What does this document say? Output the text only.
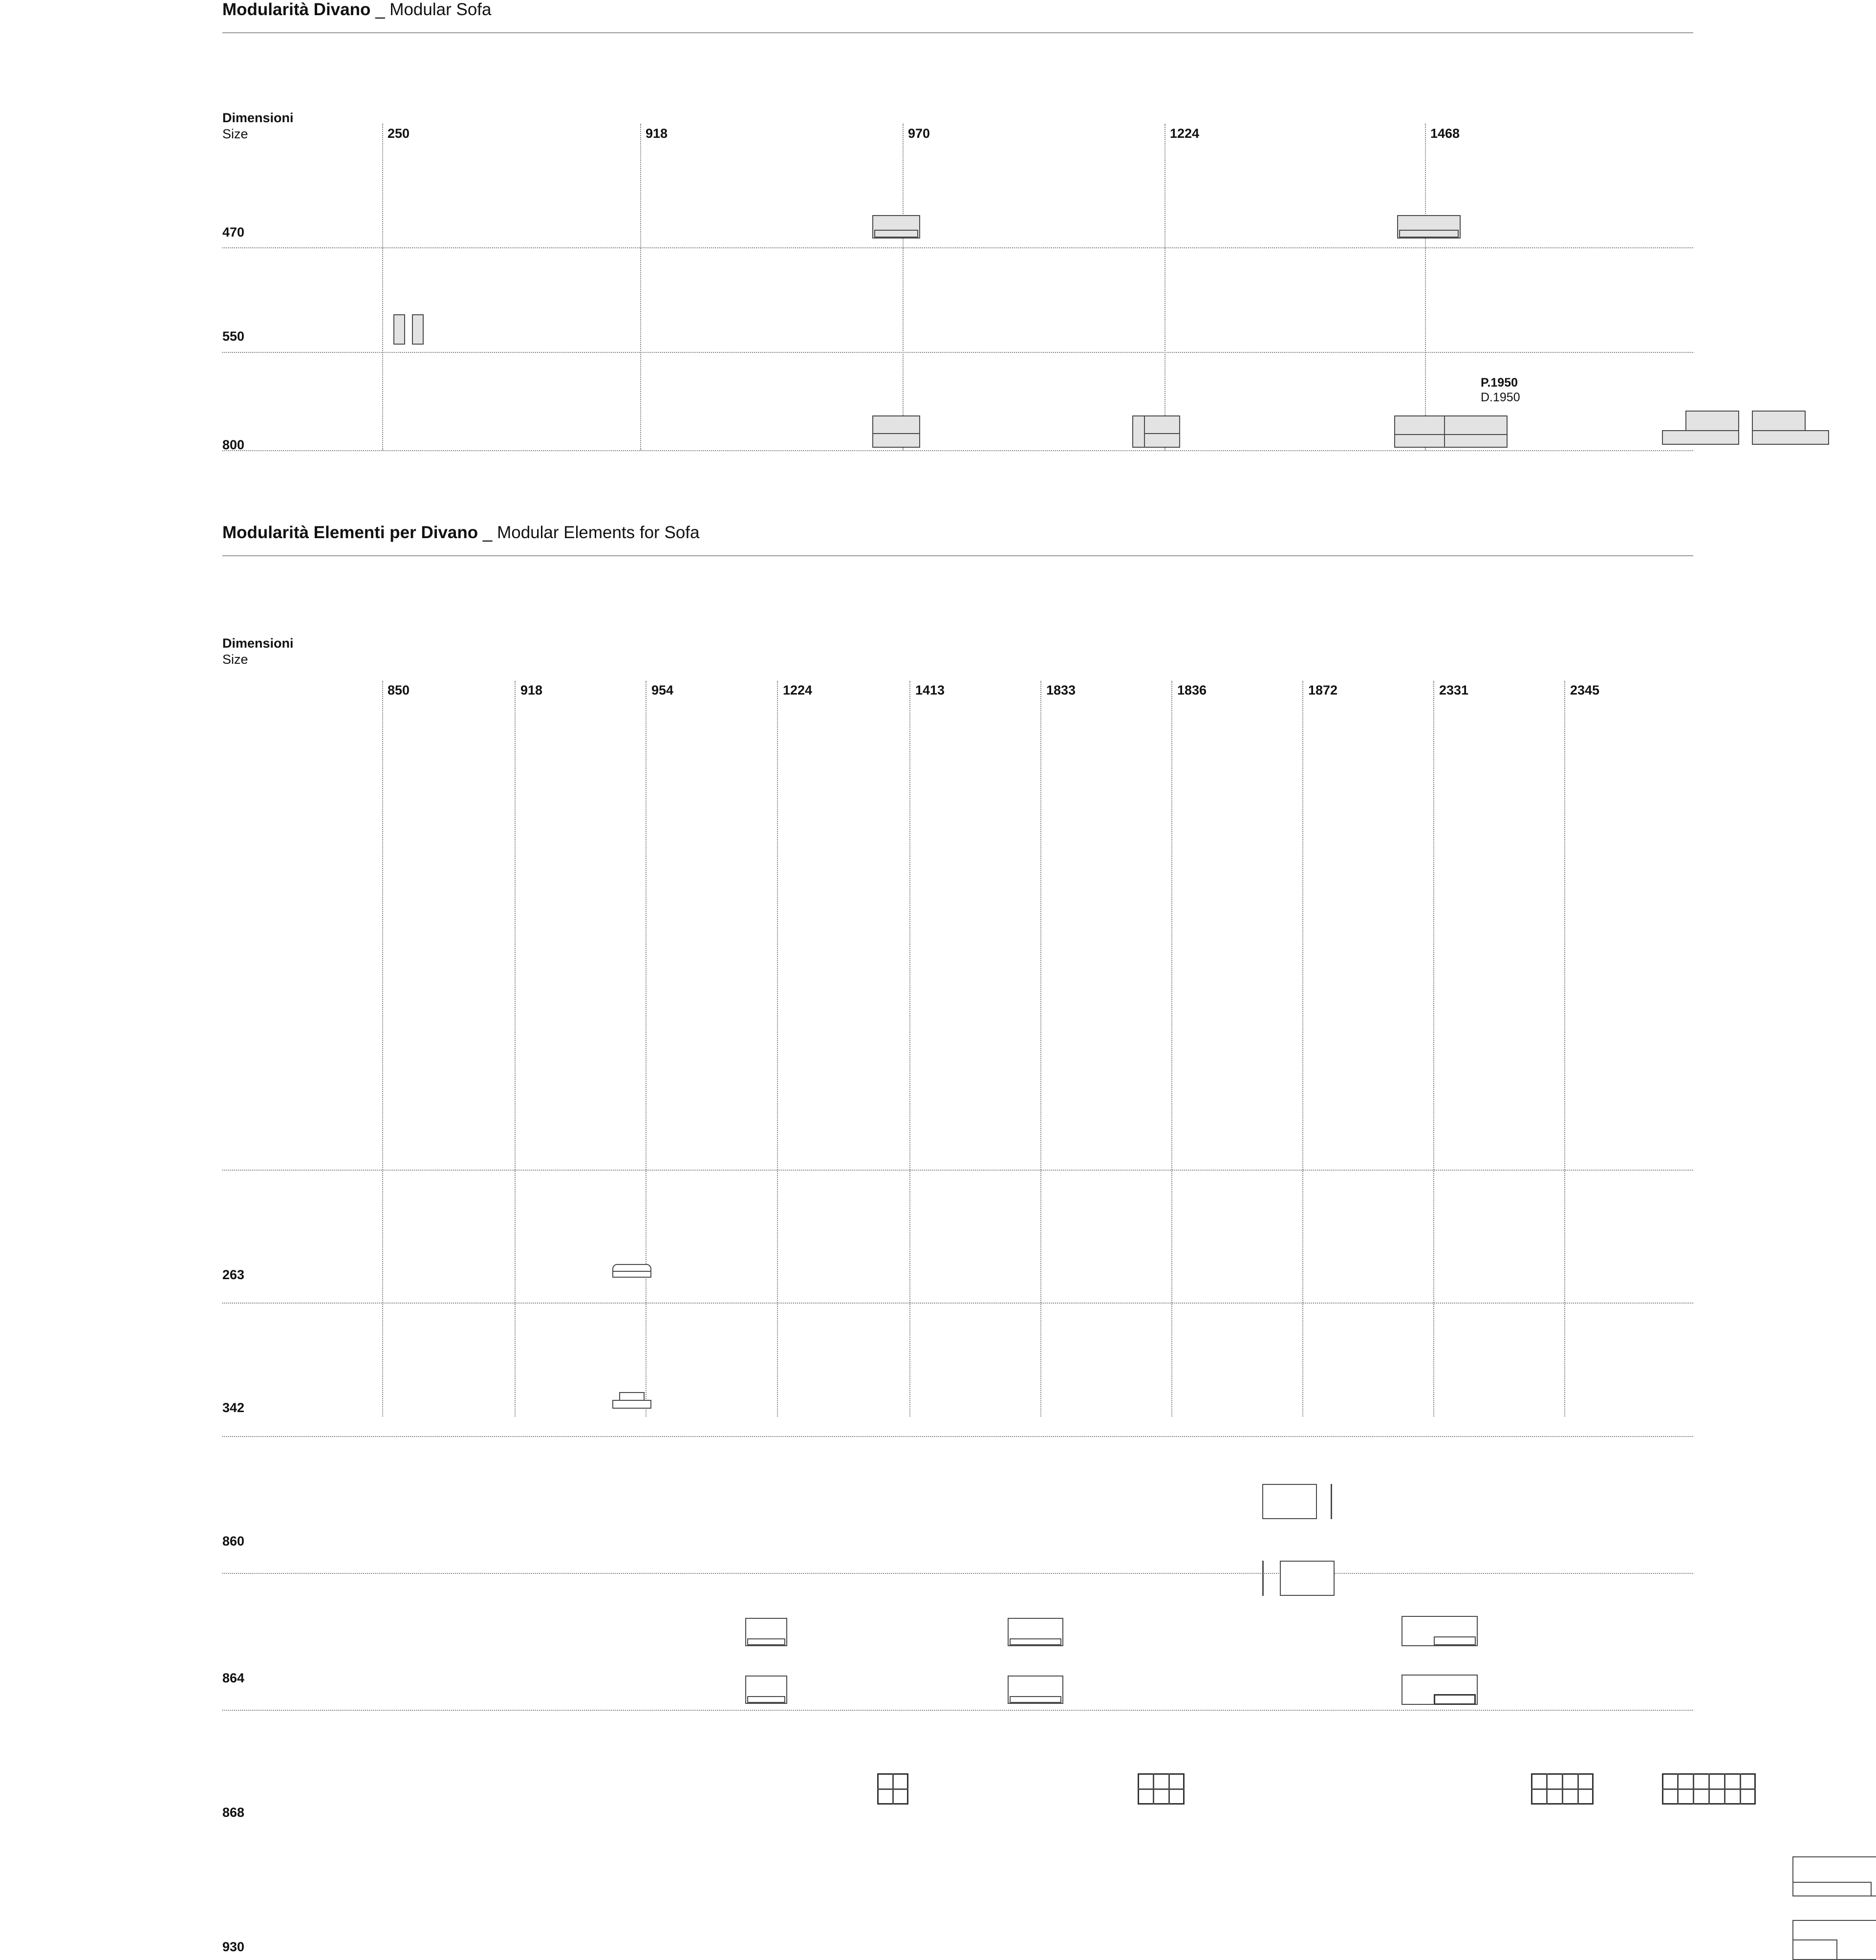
Modularità Divano _ Modular Sofa
Dimensioni
Size	250	918	970	1224	1468
470
550
800
P.1950
D.1950
Modularità Elementi per Divano _ Modular Elements for Sofa
Dimensioni
Size
850	918	954	1224	1413	1833	1836	1872	2331	2345
263
342
860
864
868
930
